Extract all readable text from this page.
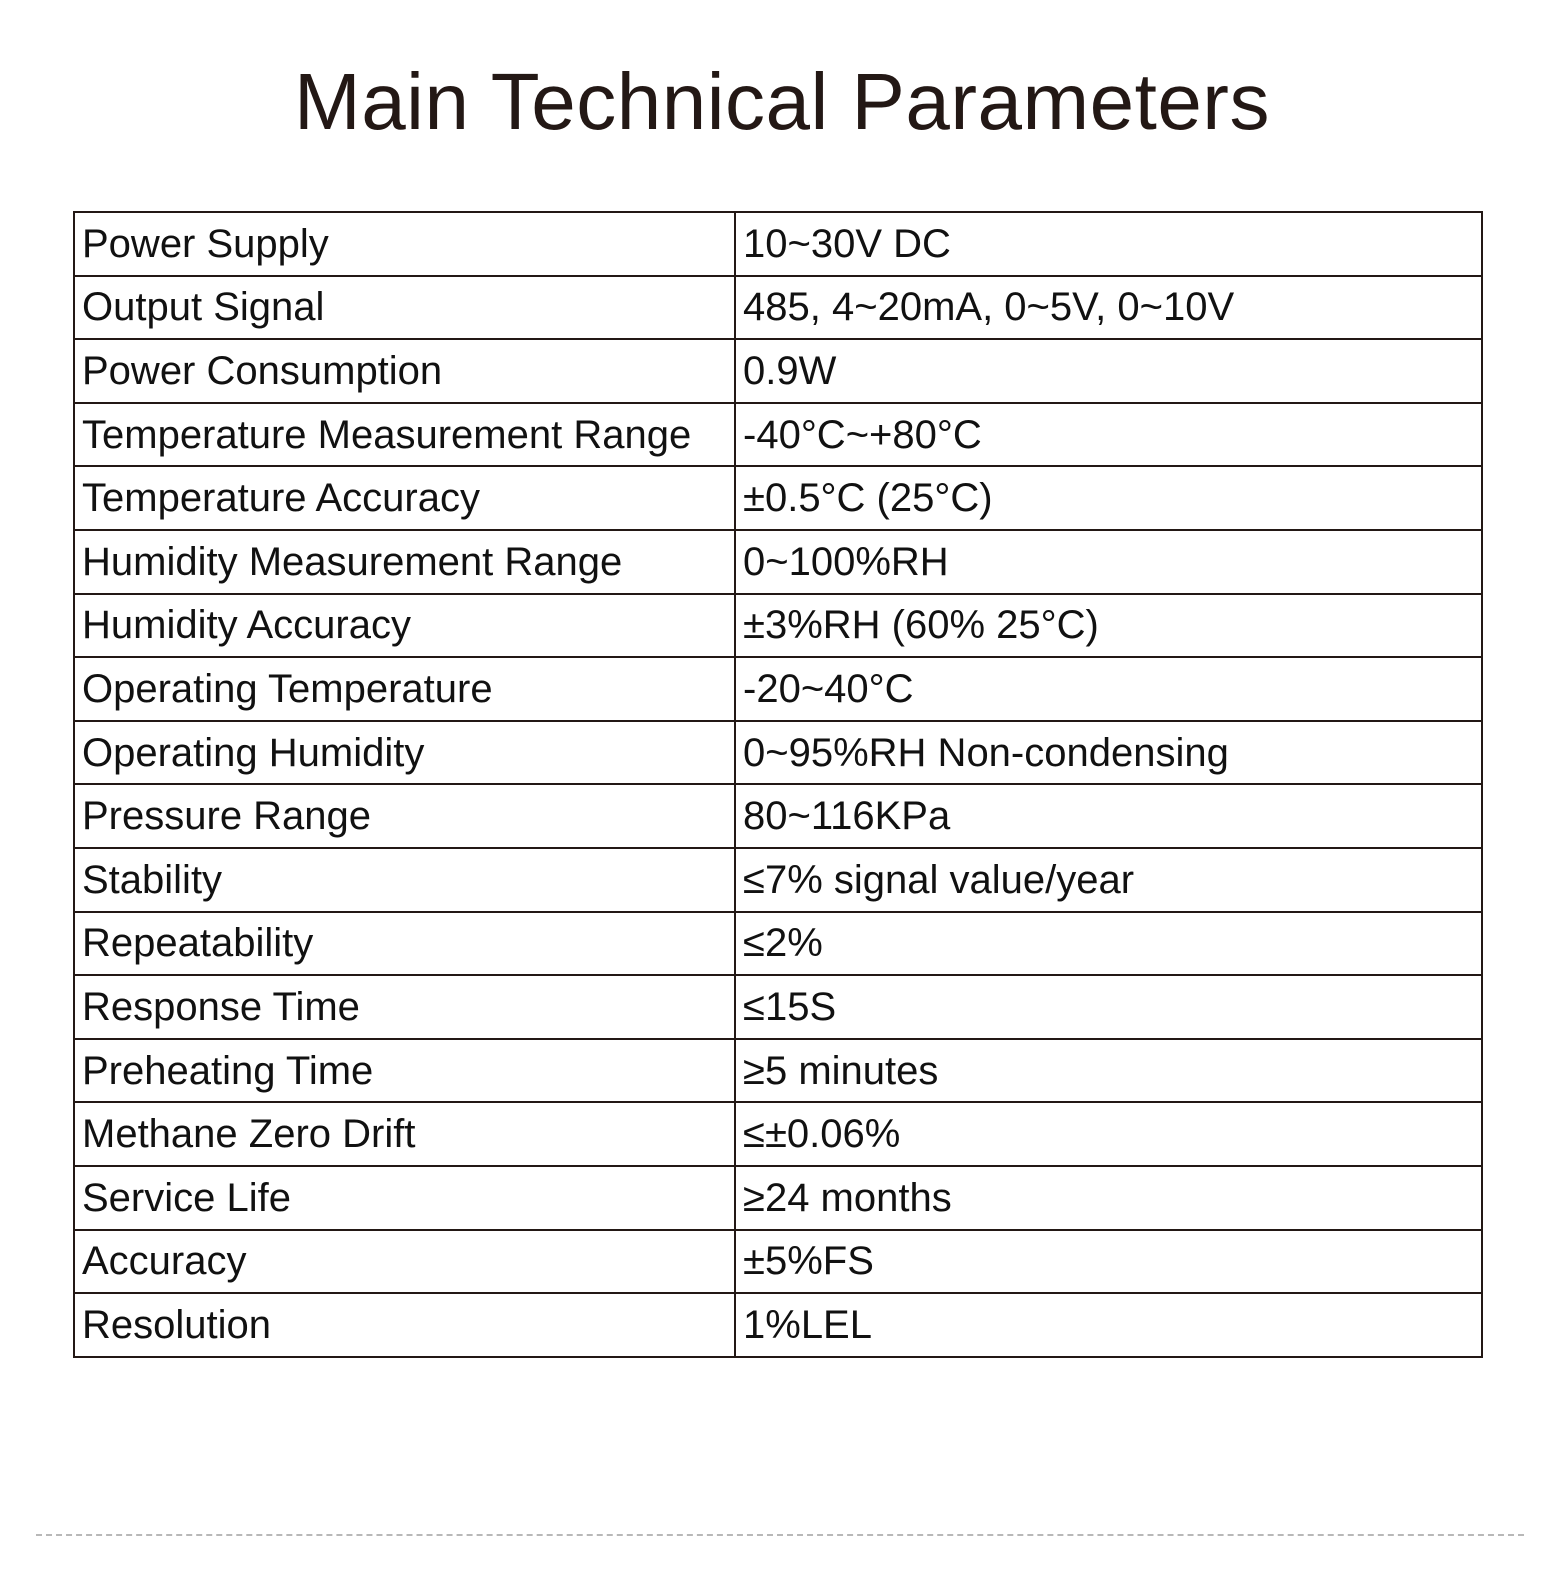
Main Technical Parameters
Power Supply	10~30V DC
Output Signal	485, 4~20mA, 0~5V, 0~10V
Power Consumption	0.9W
Temperature Measurement Range	-40°C~+80°C
Temperature Accuracy	±0.5°C (25°C)
Humidity Measurement Range	0~100%RH
Humidity Accuracy	±3%RH (60% 25°C)
Operating Temperature	-20~40°C
Operating Humidity	0~95%RH Non-condensing
Pressure Range	80~116KPa
Stability	≤7% signal value/year
Repeatability	≤2%
Response Time	≤15S
Preheating Time	≥5 minutes
Methane Zero Drift	≤±0.06%
Service Life	≥24 months
Accuracy	±5%FS
Resolution	1%LEL
